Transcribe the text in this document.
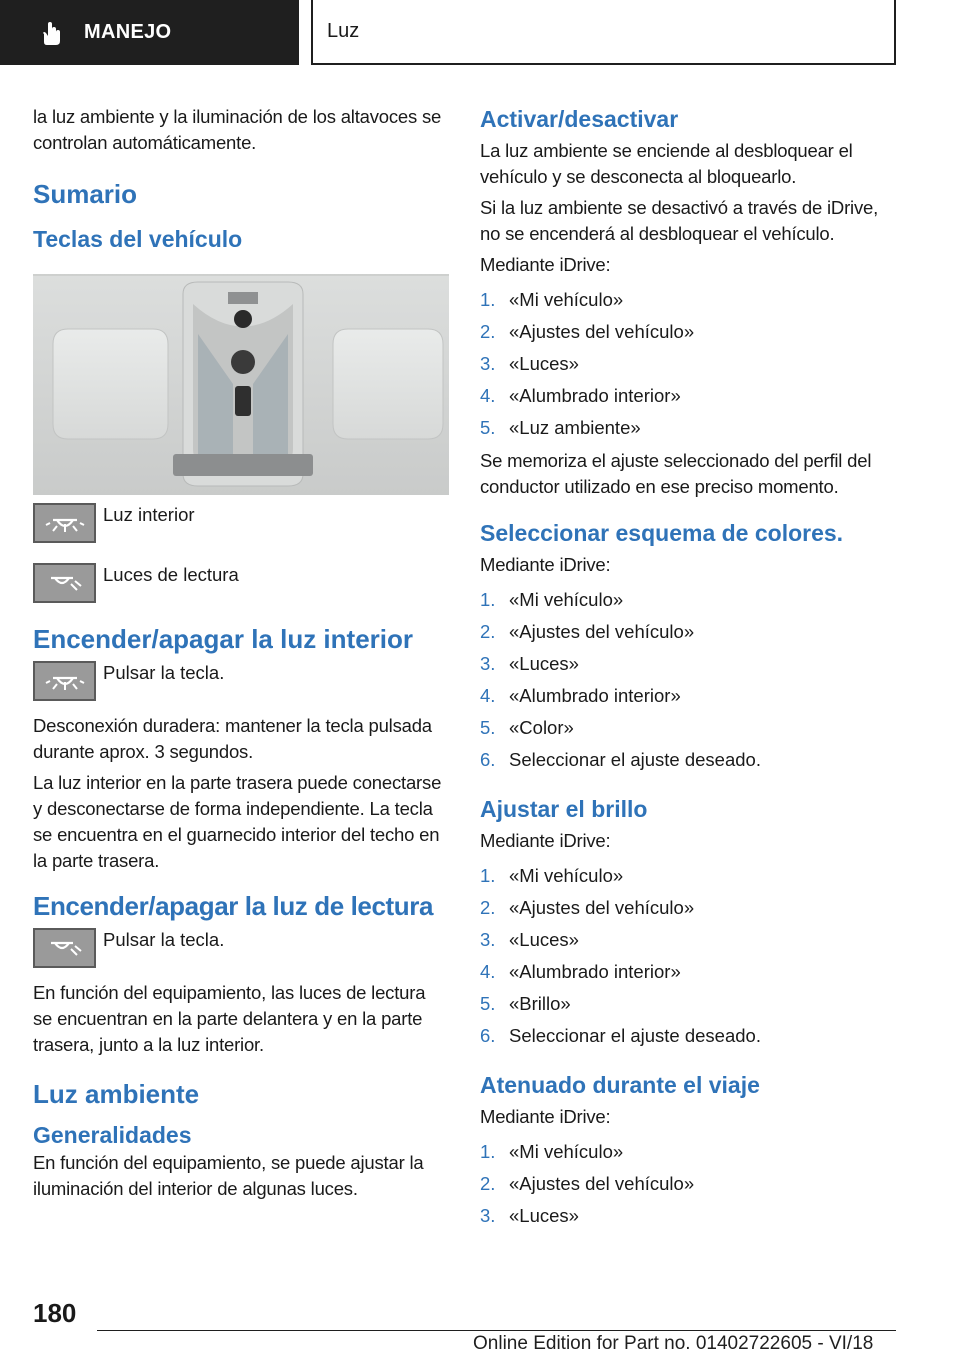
MANEJO	Luz

la luz ambiente y la iluminación de los altavoces se controlan automáticamente.

Sumario
Teclas del vehículo
Luz interior
Luces de lectura
Encender/apagar la luz interior
Pulsar la tecla.

Desconexión duradera: mantener la tecla pulsada durante aprox. 3 segundos.

La luz interior en la parte trasera puede conectarse y desconectarse de forma independiente. La tecla se encuentra en el guarnecido interior del techo en la parte trasera.

Encender/apagar la luz de lectura
Pulsar la tecla.

En función del equipamiento, las luces de lectura se encuentran en la parte delantera y en la parte trasera, junto a la luz interior.

Luz ambiente
Generalidades

En función del equipamiento, se puede ajustar la iluminación del interior de algunas luces.

Activar/desactivar

La luz ambiente se enciende al desbloquear el vehículo y se desconecta al bloquearlo.

Si la luz ambiente se desactivó a través de iDrive, no se encenderá al desbloquear el vehículo.

Mediante iDrive:

1. «Mi vehículo»
2. «Ajustes del vehículo»
3. «Luces»
4. «Alumbrado interior»
5. «Luz ambiente»

Se memoriza el ajuste seleccionado del perfil del conductor utilizado en ese preciso momento.

Seleccionar esquema de colores.

Mediante iDrive:

1. «Mi vehículo»
2. «Ajustes del vehículo»
3. «Luces»
4. «Alumbrado interior»
5. «Color»
6. Seleccionar el ajuste deseado.
Ajustar el brillo

Mediante iDrive:

1. «Mi vehículo»
2. «Ajustes del vehículo»
3. «Luces»
4. «Alumbrado interior»
5. «Brillo»
6. Seleccionar el ajuste deseado.
Atenuado durante el viaje

Mediante iDrive:

1. «Mi vehículo»
2. «Ajustes del vehículo»
3. «Luces»
180
Online Edition for Part no. 01402722605 - VI/18
